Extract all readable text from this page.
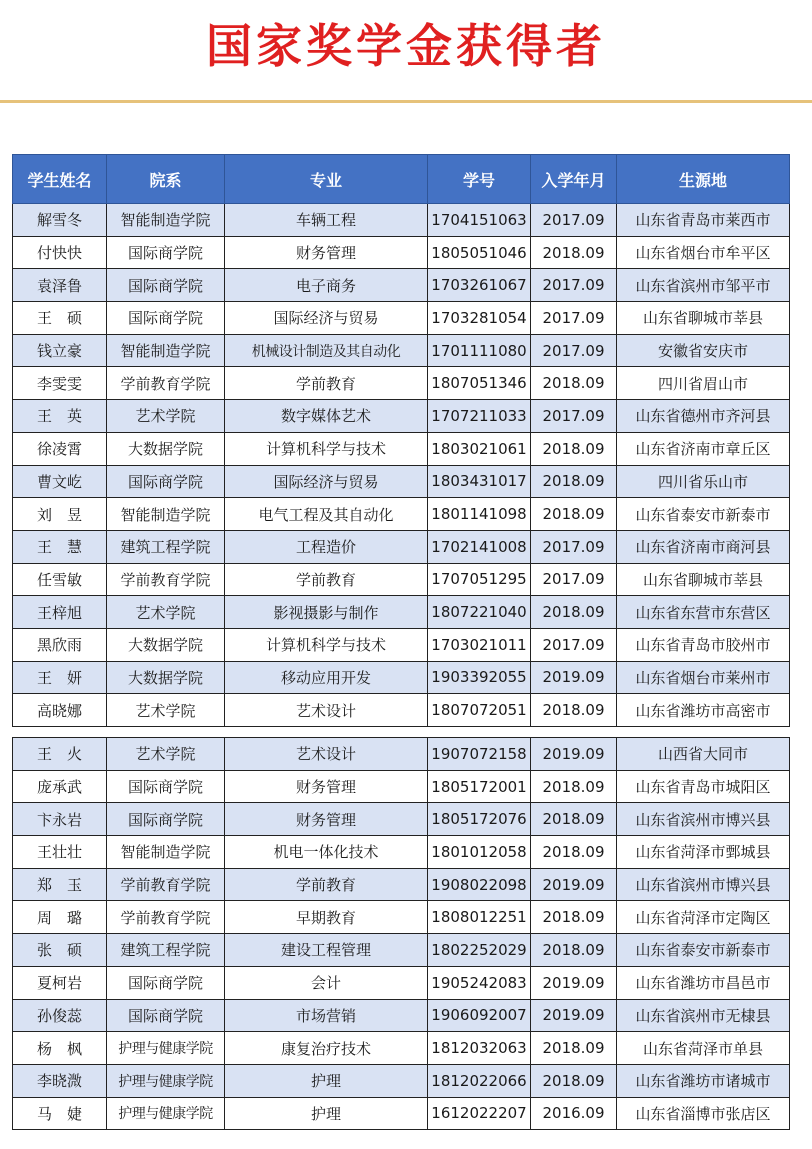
国家奖学金获得者
学生姓名	院系	专业	学号	入学年月	生源地
解雪冬	智能制造学院	车辆工程	1704151063	2017.09	山东省青岛市莱西市
付快快	国际商学院	财务管理	1805051046	2018.09	山东省烟台市牟平区
袁泽鲁	国际商学院	电子商务	1703261067	2017.09	山东省滨州市邹平市
王　硕	国际商学院	国际经济与贸易	1703281054	2017.09	山东省聊城市莘县
钱立豪	智能制造学院	机械设计制造及其自动化	1701111080	2017.09	安徽省安庆市
李雯雯	学前教育学院	学前教育	1807051346	2018.09	四川省眉山市
王　英	艺术学院	数字媒体艺术	1707211033	2017.09	山东省德州市齐河县
徐凌霄	大数据学院	计算机科学与技术	1803021061	2018.09	山东省济南市章丘区
曹文屹	国际商学院	国际经济与贸易	1803431017	2018.09	四川省乐山市
刘　昱	智能制造学院	电气工程及其自动化	1801141098	2018.09	山东省泰安市新泰市
王　慧	建筑工程学院	工程造价	1702141008	2017.09	山东省济南市商河县
任雪敏	学前教育学院	学前教育	1707051295	2017.09	山东省聊城市莘县
王梓旭	艺术学院	影视摄影与制作	1807221040	2018.09	山东省东营市东营区
黑欣雨	大数据学院	计算机科学与技术	1703021011	2017.09	山东省青岛市胶州市
王　妍	大数据学院	移动应用开发	1903392055	2019.09	山东省烟台市莱州市
高晓娜	艺术学院	艺术设计	1807072051	2018.09	山东省潍坊市高密市

王　火	艺术学院	艺术设计	1907072158	2019.09	山西省大同市
庞承武	国际商学院	财务管理	1805172001	2018.09	山东省青岛市城阳区
卞永岩	国际商学院	财务管理	1805172076	2018.09	山东省滨州市博兴县
王壮壮	智能制造学院	机电一体化技术	1801012058	2018.09	山东省菏泽市鄄城县
郑　玉	学前教育学院	学前教育	1908022098	2019.09	山东省滨州市博兴县
周　璐	学前教育学院	早期教育	1808012251	2018.09	山东省菏泽市定陶区
张　硕	建筑工程学院	建设工程管理	1802252029	2018.09	山东省泰安市新泰市
夏柯岩	国际商学院	会计	1905242083	2019.09	山东省潍坊市昌邑市
孙俊蕊	国际商学院	市场营销	1906092007	2019.09	山东省滨州市无棣县
杨　枫	护理与健康学院	康复治疗技术	1812032063	2018.09	山东省菏泽市单县
李晓溦	护理与健康学院	护理	1812022066	2018.09	山东省潍坊市诸城市
马　婕	护理与健康学院	护理	1612022207	2016.09	山东省淄博市张店区
